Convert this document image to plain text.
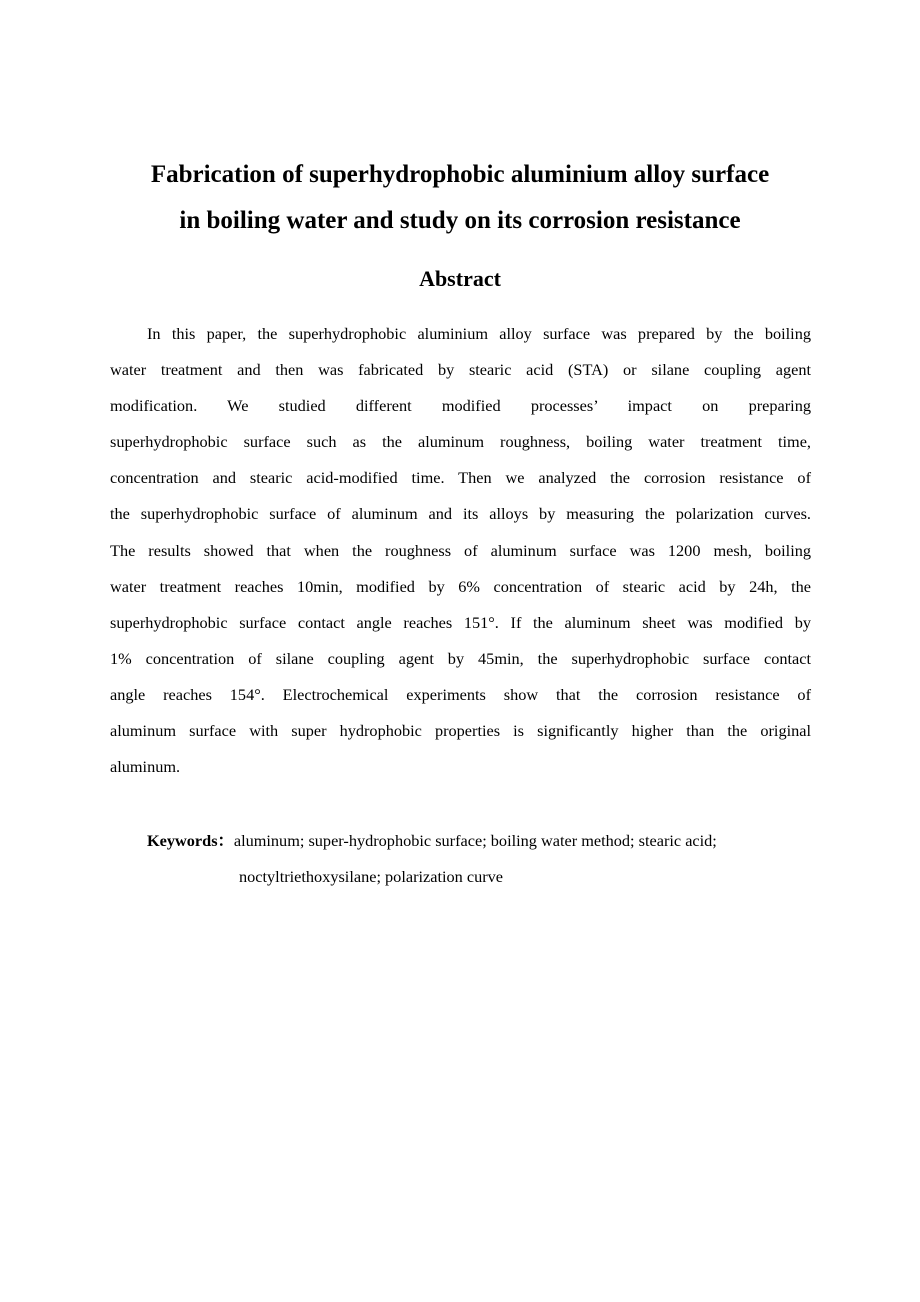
Fabrication of superhydrophobic aluminium alloy surface
in boiling water and study on its corrosion resistance
Abstract
In this paper, the superhydrophobic aluminium alloy surface was prepared by the boiling
water treatment and then was fabricated by stearic acid (STA) or silane coupling agent
modification. We studied different modified processes’ impact on preparing
superhydrophobic surface such as the aluminum roughness, boiling water treatment time,
concentration and stearic acid-modified time. Then we analyzed the corrosion resistance of
the superhydrophobic surface of aluminum and its alloys by measuring the polarization curves.
The results showed that when the roughness of aluminum surface was 1200 mesh, boiling
water treatment reaches 10min, modified by 6% concentration of stearic acid by 24h, the
superhydrophobic surface contact angle reaches 151°. If the aluminum sheet was modified by
1% concentration of silane coupling agent by 45min, the superhydrophobic surface contact
angle reaches 154°. Electrochemical experiments show that the corrosion resistance of
aluminum surface with super hydrophobic properties is significantly higher than the original
aluminum.
Keywords：aluminum; super-hydrophobic surface; boiling water method; stearic acid;
noctyltriethoxysilane; polarization curve
